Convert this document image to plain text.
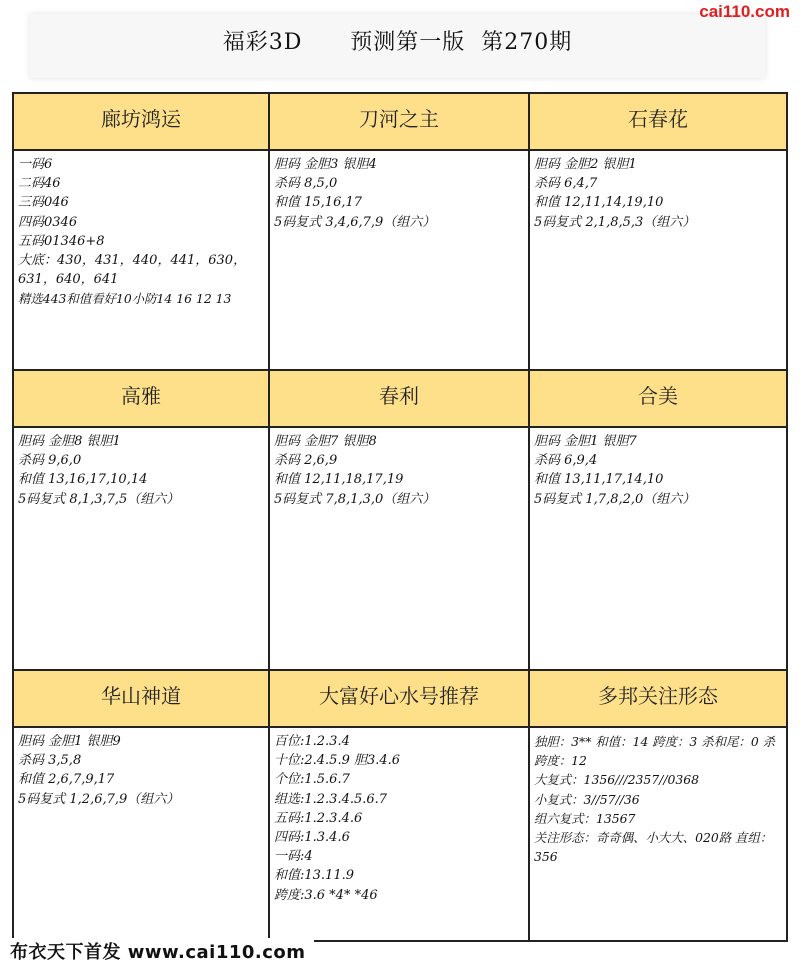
福彩3D      预测第一版  第270期
cai110.com
廊坊鸿运
一码6
二码46
三码046
四码0346
五码01346+8
大底：430，431，440，441，630，631，640，641
精选443和值看好10小防14 16 12 13
刀河之主
胆码 金胆3 银胆4
杀码 8,5,0
和值 15,16,17
5码复式 3,4,6,7,9（组六）
石春花
胆码 金胆2 银胆1
杀码 6,4,7
和值 12,11,14,19,10
5码复式 2,1,8,5,3（组六）
高雅
胆码 金胆8 银胆1
杀码 9,6,0
和值 13,16,17,10,14
5码复式 8,1,3,7,5（组六）
春利
胆码 金胆7 银胆8
杀码 2,6,9
和值 12,11,18,17,19
5码复式 7,8,1,3,0（组六）
合美
胆码 金胆1 银胆7
杀码 6,9,4
和值 13,11,17,14,10
5码复式 1,7,8,2,0（组六）
华山神道
胆码 金胆1 银胆9
杀码 3,5,8
和值 2,6,7,9,17
5码复式 1,2,6,7,9（组六）
大富好心水号推荐
百位:1.2.3.4
十位:2.4.5.9 胆3.4.6
个位:1.5.6.7
组选:1.2.3.4.5.6.7
五码:1.2.3.4.6
四码:1.3.4.6
一码:4
和值:13.11.9
跨度:3.6 *4* *46
多邦关注形态
独胆：3** 和值：14 跨度：3 杀和尾：0 杀跨度：12
大复式：1356///2357//0368
小复式：3//57//36
组六复式：13567
关注形态：奇奇偶、小大大、020路 直组：356
布衣天下首发 www.cai110.com
